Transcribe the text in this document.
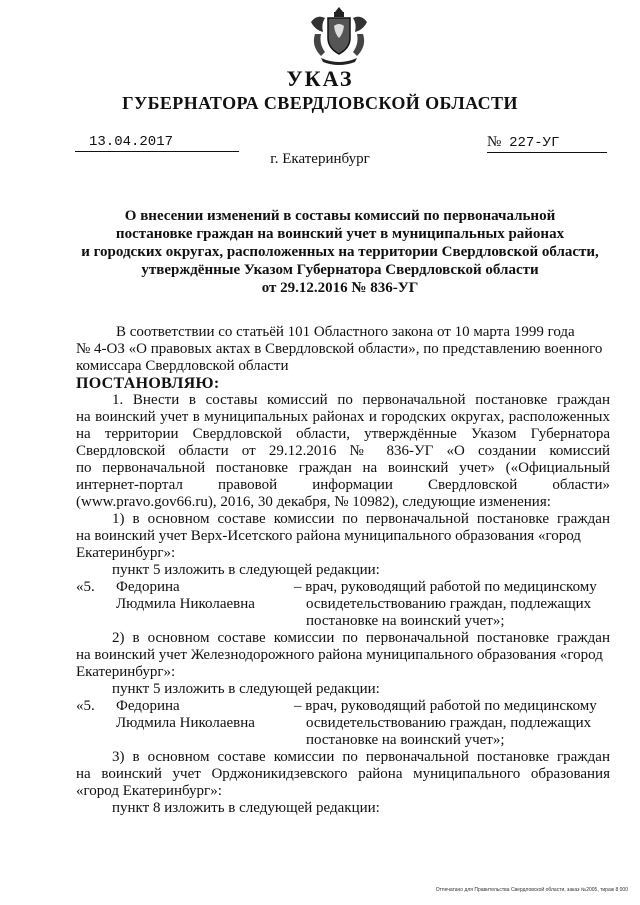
УКАЗ
ГУБЕРНАТОРА СВЕРДЛОВСКОЙ ОБЛАСТИ
13.04.2017	№ 227-УГ
г. Екатеринбург
О внесении изменений в составы комиссий по первоначальной
постановке граждан на воинский учет в муниципальных районах
и городских округах, расположенных на территории Свердловской области,
утверждённые Указом Губернатора Свердловской области
от 29.12.2016 № 836-УГ
В соответствии со статьёй 101 Областного закона от 10 марта 1999 года
№ 4-ОЗ «О правовых актах в Свердловской области», по представлению военного
комиссара Свердловской области
ПОСТАНОВЛЯЮ:
1. Внести в составы комиссий по первоначальной постановке граждан
на воинский учет в муниципальных районах и городских округах, расположенных
на территории Свердловской области, утверждённые Указом Губернатора
Свердловской области от 29.12.2016 № 836-УГ «О создании комиссий
по первоначальной постановке граждан на воинский учет» («Официальный
интернет-портал правовой информации Свердловской области»
(www.pravo.gov66.ru), 2016, 30 декабря, № 10982), следующие изменения:
1) в основном составе комиссии по первоначальной постановке граждан
на воинский учет Верх-Исетского района муниципального образования «город
Екатеринбург»:
пункт 5 изложить в следующей редакции:
«5. Федорина
Людмила Николаевна
– врач, руководящий работой по медицинскому
освидетельствованию граждан, подлежащих
постановке на воинский учет»;
2) в основном составе комиссии по первоначальной постановке граждан
на воинский учет Железнодорожного района муниципального образования «город
Екатеринбург»:
пункт 5 изложить в следующей редакции:
«5. Федорина
Людмила Николаевна
– врач, руководящий работой по медицинскому
освидетельствованию граждан, подлежащих
постановке на воинский учет»;
3) в основном составе комиссии по первоначальной постановке граждан
на воинский учет Орджоникидзевского района муниципального образования
«город Екатеринбург»:
пункт 8 изложить в следующей редакции:
Отпечатано для Правительства Свердловской области, заказ №2005, тираж 8 000
